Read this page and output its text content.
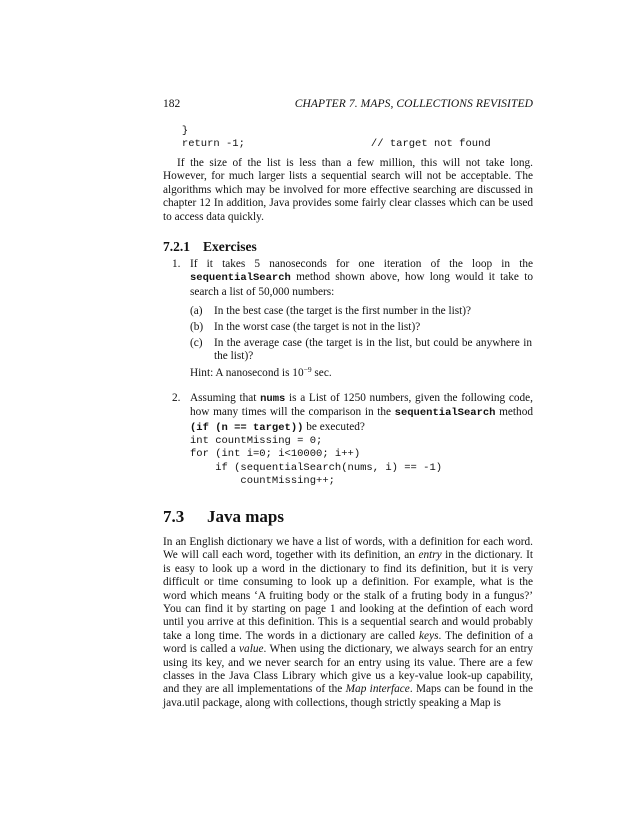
182	CHAPTER 7. MAPS, COLLECTIONS REVISITED
}
return -1;                    // target not found

If the size of the list is less than a few million, this will not take long. However, for much larger lists a sequential search will not be acceptable. The algorithms which may be involved for more effective searching are discussed in chapter 12 In addition, Java provides some fairly clear classes which can be used to access data quickly.

7.2.1 Exercises
1. If it takes 5 nanoseconds for one iteration of the loop in the sequentialSearch method shown above, how long would it take to search a list of 50,000 numbers:
(a) In the best case (the target is the first number in the list)?
(b) In the worst case (the target is not in the list)?
(c) In the average case (the target is in the list, but could be anywhere in the list)?
Hint: A nanosecond is $10^{-9}$ sec.
2. Assuming that nums is a List of 1250 numbers, given the following code, how many times will the comparison in the sequentialSearch method (if (n == target)) be executed?
int countMissing = 0;
for (int i=0; i<10000; i++)
if (sequentialSearch(nums, i) == -1)
countMissing++;
7.3 Java maps

In an English dictionary we have a list of words, with a definition for each word. We will call each word, together with its definition, an entry in the dictionary. It is easy to look up a word in the dictionary to find its definition, but it is very difficult or time consuming to look up a definition. For example, what is the word which means ‘A fruiting body or the stalk of a fruting body in a fungus?’ You can find it by starting on page 1 and looking at the defintion of each word until you arrive at this definition. This is a sequential search and would probably take a long time. The words in a dictionary are called keys. The definition of a word is called a value. When using the dictionary, we always search for an entry using its key, and we never search for an entry using its value. There are a few classes in the Java Class Library which give us a key-value look-up capability, and they are all implementations of the Map interface. Maps can be found in the java.util package, along with collections, though strictly speaking a Map is
